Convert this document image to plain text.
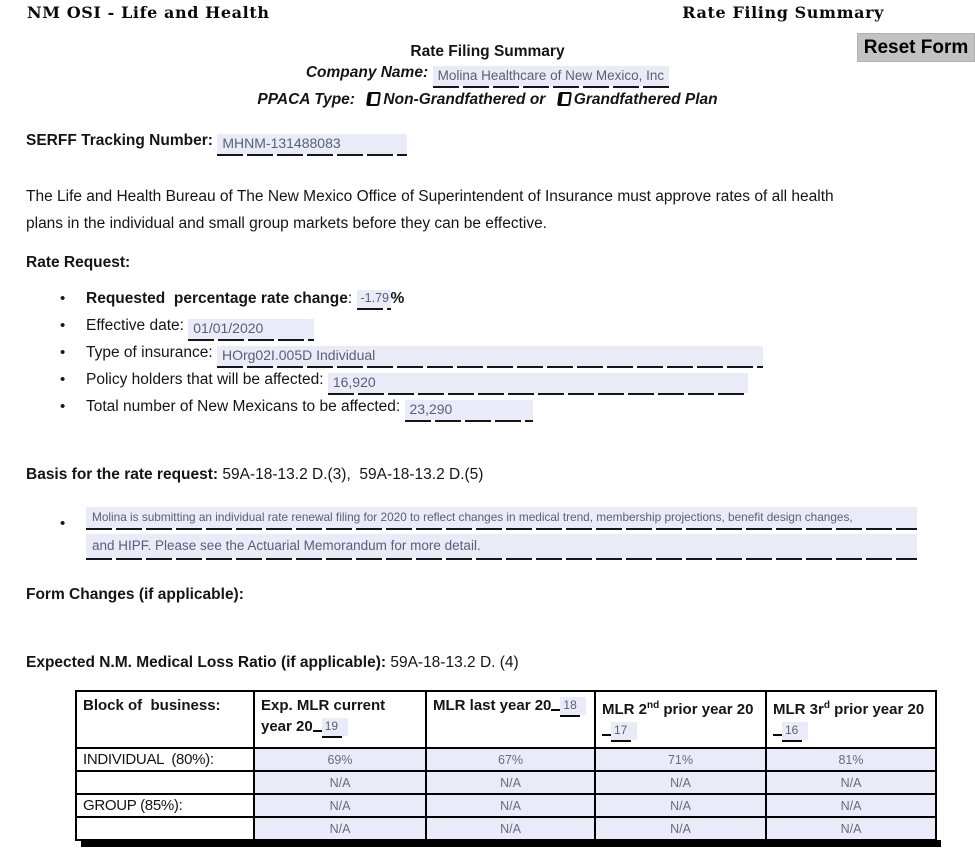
NM OSI - Life and Health	Rate Filing Summary
Reset Form
Rate Filing Summary
Company Name: Molina Healthcare of New Mexico, Inc
PPACA Type: Non-Grandfathered or Grandfathered Plan
SERFF Tracking Number: MHNM-131488083

The Life and Health Bureau of The New Mexico Office of Superintendent of Insurance must approve rates of all health plans in the individual and small group markets before they can be effective.

Rate Request:
• Requested  percentage rate change: -1.79%
• Effective date: 01/01/2020
• Type of insurance: HOrg02I.005D Individual
• Policy holders that will be affected: 16,920
• Total number of New Mexicans to be affected: 23,290
Basis for the rate request: 59A-18-13.2 D.(3),  59A-18-13.2 D.(5)
• Molina is submitting an individual rate renewal filing for 2020 to reflect changes in medical trend, membership projections, benefit design changes,
and HIPF. Please see the Actuarial Memorandum for more detail.
Form Changes (if applicable):
Expected N.M. Medical Loss Ratio (if applicable): 59A-18-13.2 D. (4)
Block of  business:	Exp. MLR current year 20 19	MLR last year 20 18	MLR 2nd prior year 2017	MLR $3r^d$ prior year 2016
INDIVIDUAL  (80%):	69%	67%	71%	81%
	N/A	N/A	N/A	N/A
GROUP (85%):	N/A	N/A	N/A	N/A
	N/A	N/A	N/A	N/A
